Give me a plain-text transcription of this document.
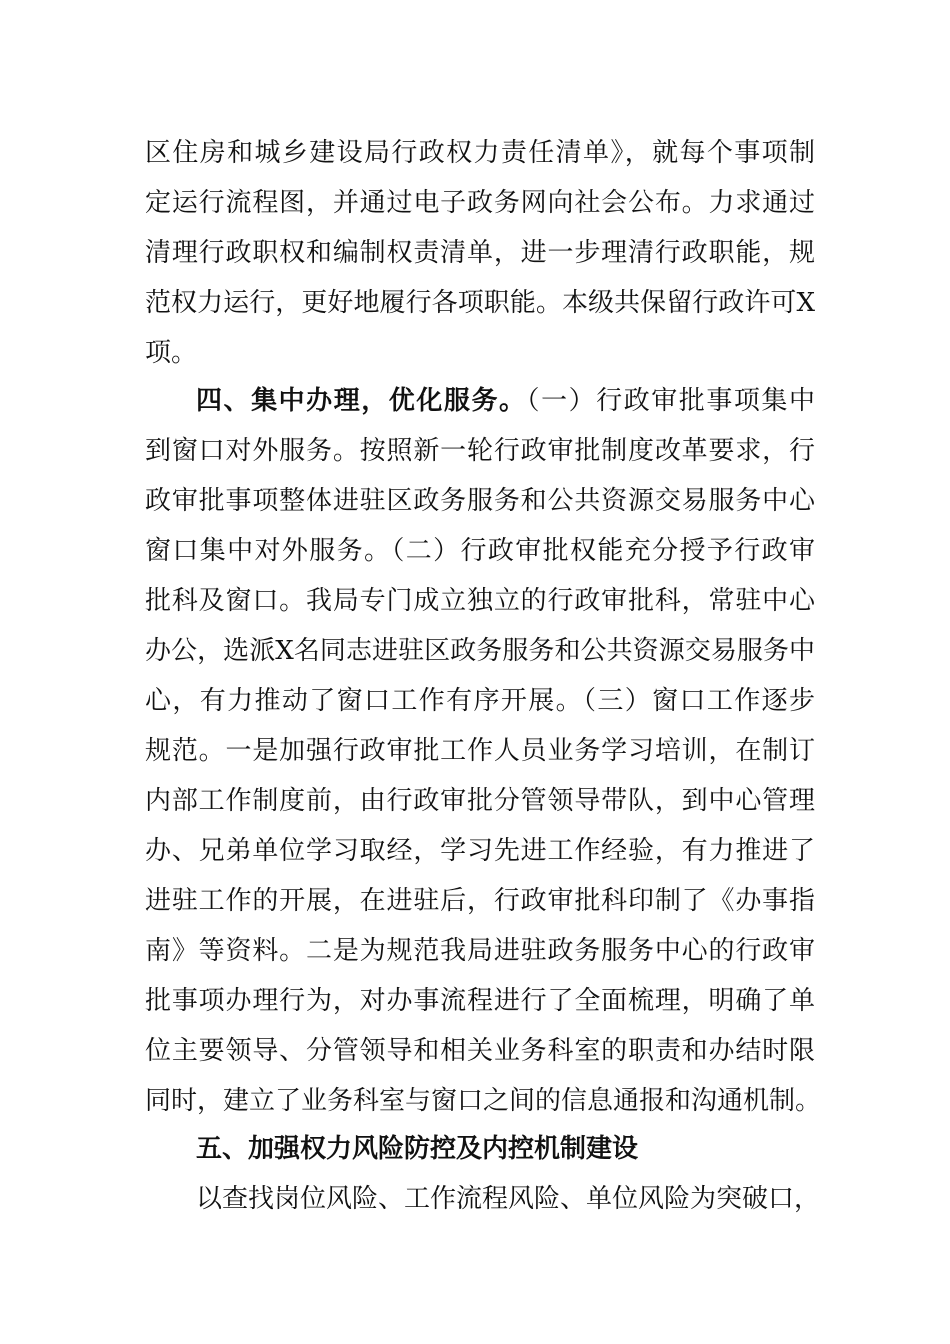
区住房和城乡建设局行政权力责任清单》，就每个事项制
定运行流程图，并通过电子政务网向社会公布。力求通过
清理行政职权和编制权责清单，进一步理清行政职能，规
范权力运行，更好地履行各项职能。本级共保留行政许可X
项。
四、集中办理，优化服务。（一）行政审批事项集中
到窗口对外服务。按照新一轮行政审批制度改革要求，行
政审批事项整体进驻区政务服务和公共资源交易服务中心
窗口集中对外服务。（二）行政审批权能充分授予行政审
批科及窗口。我局专门成立独立的行政审批科，常驻中心
办公，选派X名同志进驻区政务服务和公共资源交易服务中
心，有力推动了窗口工作有序开展。（三）窗口工作逐步
规范。一是加强行政审批工作人员业务学习培训，在制订
内部工作制度前，由行政审批分管领导带队，到中心管理
办、兄弟单位学习取经，学习先进工作经验，有力推进了
进驻工作的开展，在进驻后，行政审批科印制了《办事指
南》等资料。二是为规范我局进驻政务服务中心的行政审
批事项办理行为，对办事流程进行了全面梳理，明确了单
位主要领导、分管领导和相关业务科室的职责和办结时限
同时，建立了业务科室与窗口之间的信息通报和沟通机制。
五、加强权力风险防控及内控机制建设
以查找岗位风险、工作流程风险、单位风险为突破口，
